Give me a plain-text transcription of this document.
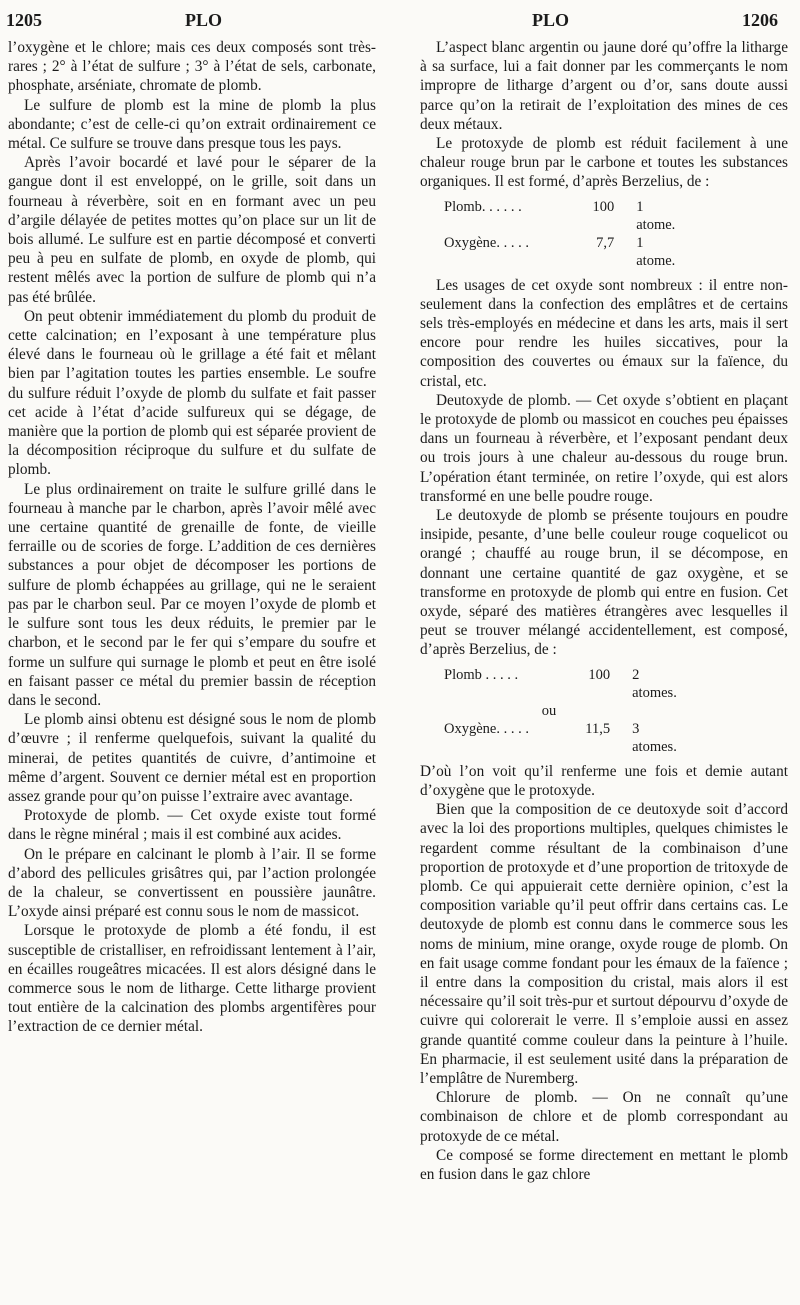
1205	PLO	PLO	1206

l’oxygène et le chlore; mais ces deux composés sont très-rares ; 2° à l’état de sulfure ; 3° à l’état de sels, carbonate, phosphate, arséniate, chromate de plomb.

Le sulfure de plomb est la mine de plomb la plus abondante; c’est de celle-ci qu’on extrait ordinairement ce métal. Ce sulfure se trouve dans presque tous les pays.

Après l’avoir bocardé et lavé pour le séparer de la gangue dont il est enveloppé, on le grille, soit dans un fourneau à réverbère, soit en en formant avec un peu d’argile délayée de petites mottes qu’on place sur un lit de bois allumé. Le sulfure est en partie décomposé et converti peu à peu en sulfate de plomb, en oxyde de plomb, qui restent mêlés avec la portion de sulfure de plomb qui n’a pas été brûlée.

On peut obtenir immédiatement du plomb du produit de cette calcination; en l’exposant à une température plus élevé dans le fourneau où le grillage a été fait et mêlant bien par l’agitation toutes les parties ensemble. Le soufre du sulfure réduit l’oxyde de plomb du sulfate et fait passer cet acide à l’état d’acide sulfureux qui se dégage, de manière que la portion de plomb qui est séparée provient de la décomposition réciproque du sulfure et du sulfate de plomb.

Le plus ordinairement on traite le sulfure grillé dans le fourneau à manche par le charbon, après l’avoir mêlé avec une certaine quantité de grenaille de fonte, de vieille ferraille ou de scories de forge. L’addition de ces dernières substances a pour objet de décomposer les portions de sulfure de plomb échappées au grillage, qui ne le seraient pas par le charbon seul. Par ce moyen l’oxyde de plomb et le sulfure sont tous les deux réduits, le premier par le charbon, et le second par le fer qui s’empare du soufre et forme un sulfure qui surnage le plomb et peut en être isolé en faisant passer ce métal du premier bassin de réception dans le second.

Le plomb ainsi obtenu est désigné sous le nom de plomb d’œuvre ; il renferme quelquefois, suivant la qualité du minerai, de petites quantités de cuivre, d’antimoine et même d’argent. Souvent ce dernier métal est en proportion assez grande pour qu’on puisse l’extraire avec avantage.

Protoxyde de plomb. — Cet oxyde existe tout formé dans le règne minéral ; mais il est combiné aux acides.

On le prépare en calcinant le plomb à l’air. Il se forme d’abord des pellicules grisâtres qui, par l’action prolongée de la chaleur, se convertissent en poussière jaunâtre. L’oxyde ainsi préparé est connu sous le nom de massicot.

Lorsque le protoxyde de plomb a été fondu, il est susceptible de cristalliser, en refroidissant lentement à l’air, en écailles rougeâtres micacées. Il est alors désigné dans le commerce sous le nom de litharge. Cette litharge provient tout entière de la calcination des plombs argentifères pour l’extraction de ce dernier métal.

L’aspect blanc argentin ou jaune doré qu’offre la litharge à sa surface, lui a fait donner par les commerçants le nom impropre de litharge d’argent ou d’or, sans doute aussi parce qu’on la retirait de l’exploitation des mines de ces deux métaux.

Le protoxyde de plomb est réduit facilement à une chaleur rouge brun par le carbone et toutes les substances organiques. Il est formé, d’après Berzelius, de :

Plomb. . . . . .	100	1 atome.
Oxygène. . . . .	7,7	1 atome.

Les usages de cet oxyde sont nombreux : il entre non-seulement dans la confection des emplâtres et de certains sels très-employés en médecine et dans les arts, mais il sert encore pour rendre les huiles siccatives, pour la composition des couvertes ou émaux sur la faïence, du cristal, etc.

Deutoxyde de plomb. — Cet oxyde s’obtient en plaçant le protoxyde de plomb ou massicot en couches peu épaisses dans un fourneau à réverbère, et l’exposant pendant deux ou trois jours à une chaleur au-dessous du rouge brun. L’opération étant terminée, on retire l’oxyde, qui est alors transformé en une belle poudre rouge.

Le deutoxyde de plomb se présente toujours en poudre insipide, pesante, d’une belle couleur rouge coquelicot ou orangé ; chauffé au rouge brun, il se décompose, en donnant une certaine quantité de gaz oxygène, et se transforme en protoxyde de plomb qui entre en fusion. Cet oxyde, séparé des matières étrangères avec lesquelles il peut se trouver mélangé accidentellement, est composé, d’après Berzelius, de :

Plomb . . . . .	100	2 atomes.
ou
Oxygène. . . . .	11,5	3 atomes.

D’où l’on voit qu’il renferme une fois et demie autant d’oxygène que le protoxyde.

Bien que la composition de ce deutoxyde soit d’accord avec la loi des proportions multiples, quelques chimistes le regardent comme résultant de la combinaison d’une proportion de protoxyde et d’une proportion de tritoxyde de plomb. Ce qui appuierait cette dernière opinion, c’est la composition variable qu’il peut offrir dans certains cas. Le deutoxyde de plomb est connu dans le commerce sous les noms de minium, mine orange, oxyde rouge de plomb. On en fait usage comme fondant pour les émaux de la faïence ; il entre dans la composition du cristal, mais alors il est nécessaire qu’il soit très-pur et surtout dépourvu d’oxyde de cuivre qui colorerait le verre. Il s’emploie aussi en assez grande quantité comme couleur dans la peinture à l’huile. En pharmacie, il est seulement usité dans la préparation de l’emplâtre de Nuremberg.

Chlorure de plomb. — On ne connaît qu’une combinaison de chlore et de plomb correspondant au protoxyde de ce métal.

Ce composé se forme directement en mettant le plomb en fusion dans le gaz chlore
